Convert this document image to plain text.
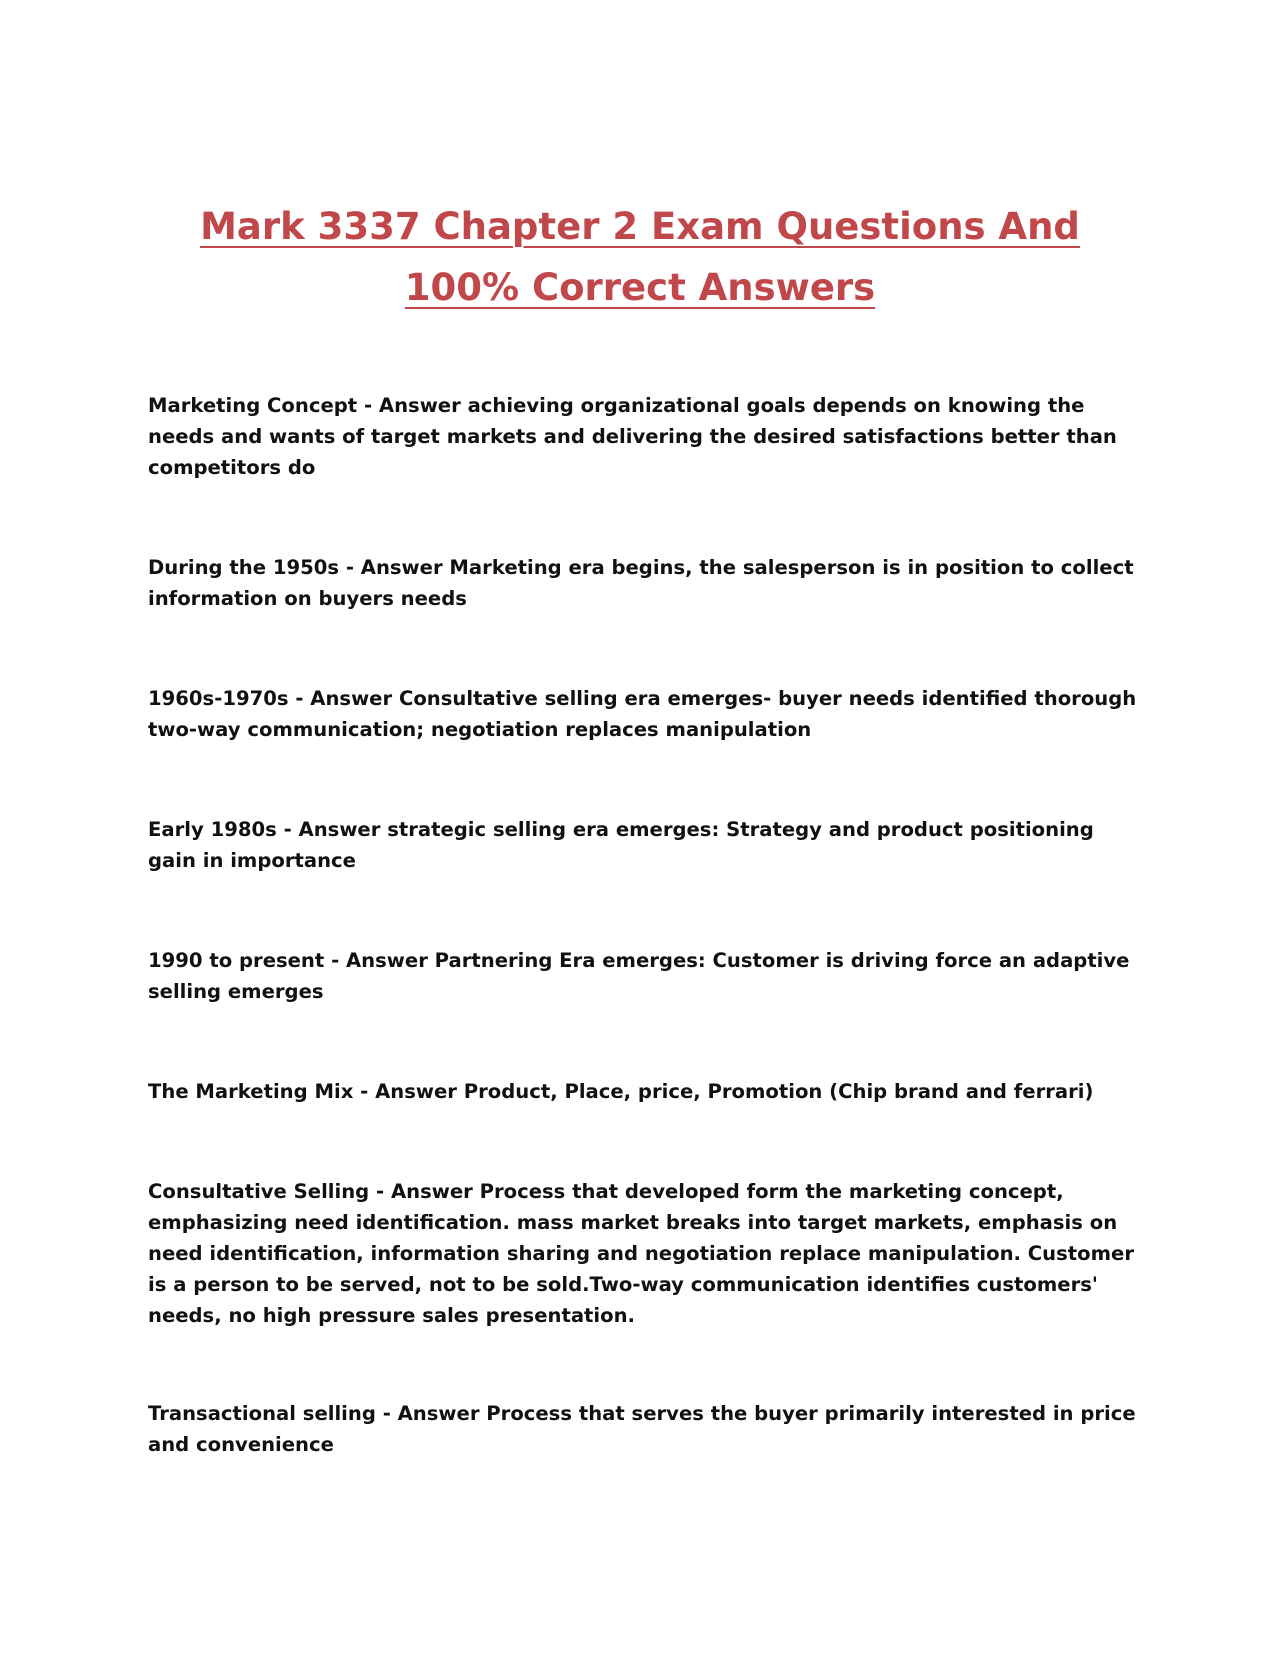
Mark 3337 Chapter 2 Exam Questions And
100% Correct Answers

Marketing Concept - Answer achieving organizational goals depends on knowing the needs and wants of target markets and delivering the desired satisfactions better than competitors do

During the 1950s - Answer Marketing era begins, the salesperson is in position to collect information on buyers needs

1960s-1970s - Answer Consultative selling era emerges- buyer needs identified thorough two-way communication; negotiation replaces manipulation

Early 1980s - Answer strategic selling era emerges: Strategy and product positioning gain in importance

1990 to present - Answer Partnering Era emerges: Customer is driving force an adaptive selling emerges

The Marketing Mix - Answer Product, Place, price, Promotion (Chip brand and ferrari)

Consultative Selling - Answer Process that developed form the marketing concept, emphasizing need identification. mass market breaks into target markets, emphasis on need identification, information sharing and negotiation replace manipulation. Customer is a person to be served, not to be sold.Two-way communication identifies customers' needs, no high pressure sales presentation.

Transactional selling - Answer Process that serves the buyer primarily interested in price and convenience
